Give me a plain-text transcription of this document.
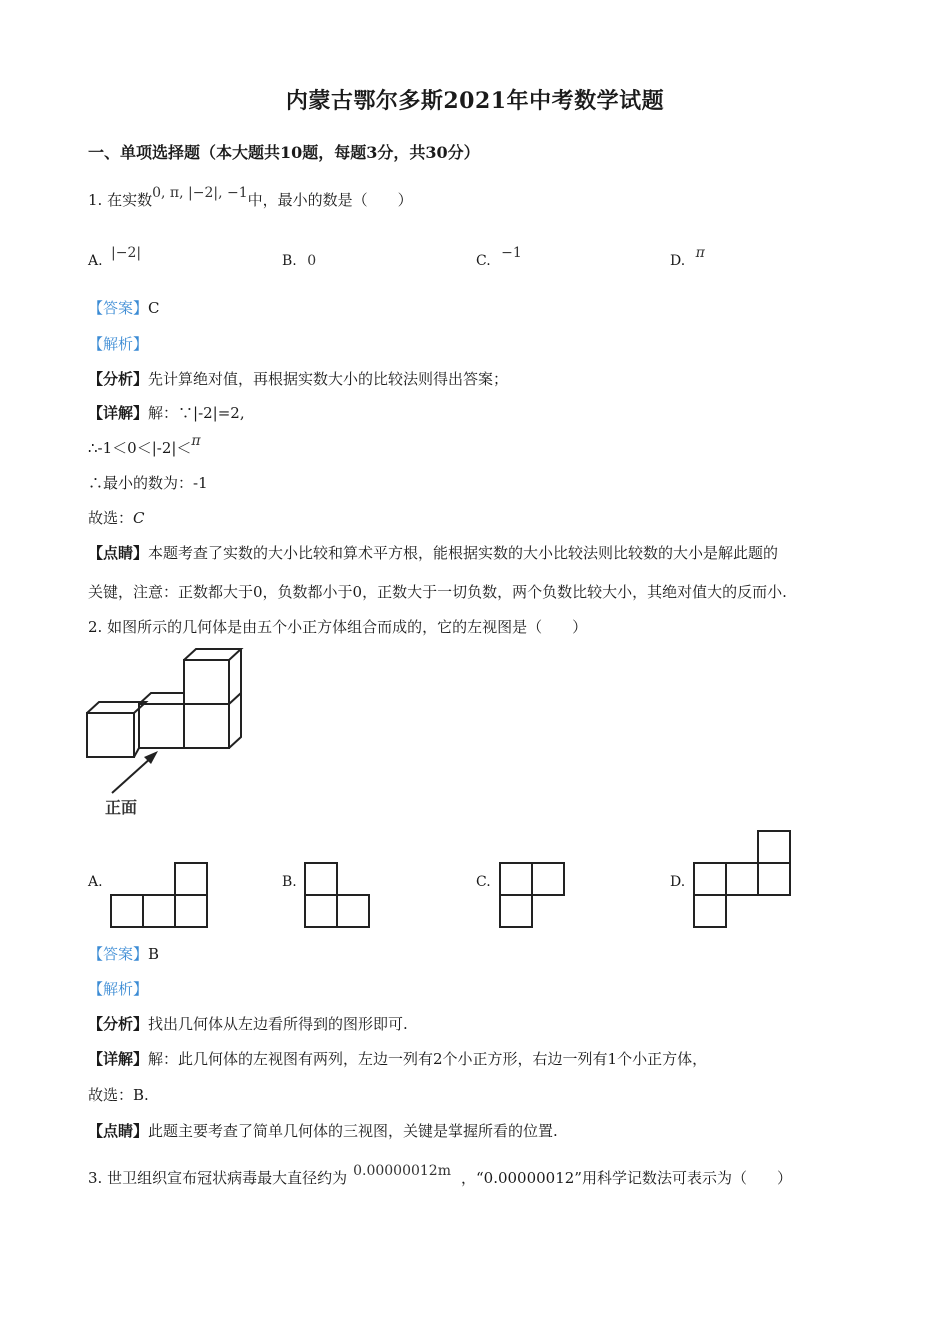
内蒙古鄂尔多斯2021年中考数学试题
一、单项选择题（本大题共10题，每题3分，共30分）
1. 在实数0, π, |−2|, −1中，最小的数是（　　）
A. |−2|	B. 0	C. −1	D. π
【答案】C
【解析】
【分析】先计算绝对值，再根据实数大小的比较法则得出答案；
【详解】解：∵|-2|=2,
∴-1＜0＜|-2|＜π
∴最小的数为：-1
故选：C
【点睛】本题考查了实数的大小比较和算术平方根，能根据实数的大小比较法则比较数的大小是解此题的
关键，注意：正数都大于0，负数都小于0，正数大于一切负数，两个负数比较大小，其绝对值大的反而小.
2. 如图所示的几何体是由五个小正方体组合而成的，它的左视图是（　　）
正面
A.	B.	C.	D.
【答案】B
【解析】
【分析】找出几何体从左边看所得到的图形即可.
【详解】解：此几何体的左视图有两列，左边一列有2个小正方形，右边一列有1个小正方体，
故选：B.
【点睛】此题主要考查了简单几何体的三视图，关键是掌握所看的位置.
3. 世卫组织宣布冠状病毒最大直径约为 0.00000012m ，“0.00000012”用科学记数法可表示为（　　）
